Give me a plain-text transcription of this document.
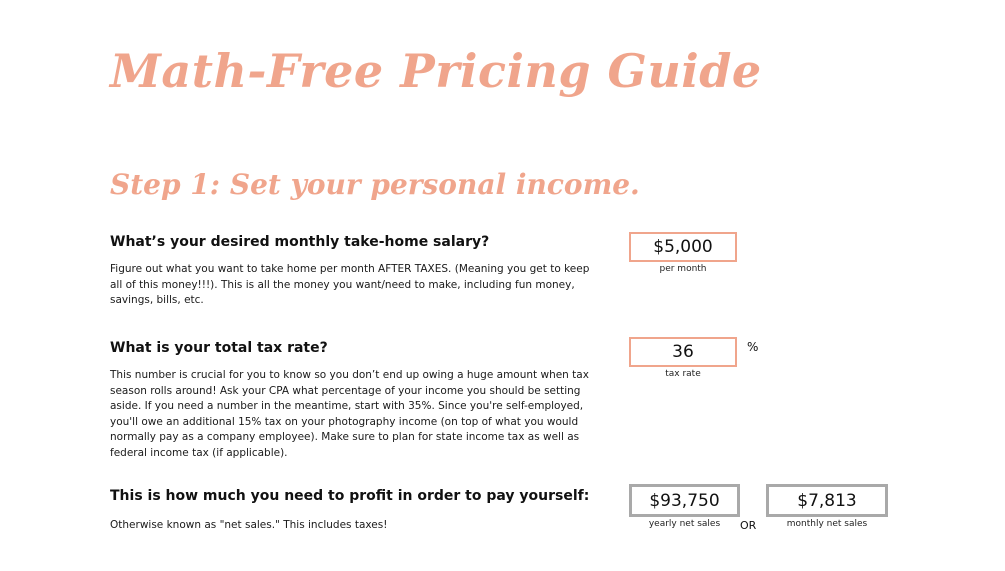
Math-Free Pricing Guide
Step 1: Set your personal income.
What’s your desired monthly take-home salary?
Figure out what you want to take home per month AFTER TAXES. (Meaning you get to keep all of this money!!!). This is all the money you want/need to make, including fun money, savings, bills, etc.
$5,000
per month
What is your total tax rate?
This number is crucial for you to know so you don’t end up owing a huge amount when tax season rolls around! Ask your CPA what percentage of your income you should be setting aside. If you need a number in the meantime, start with 35%. Since you're self-employed, you'll owe an additional 15% tax on your photography income (on top of what you would normally pay as a company employee). Make sure to plan for state income tax as well as federal income tax (if applicable).
36
tax rate
%
This is how much you need to profit in order to pay yourself:
Otherwise known as "net sales." This includes taxes!
$93,750
yearly net sales	OR
$7,813
monthly net sales
